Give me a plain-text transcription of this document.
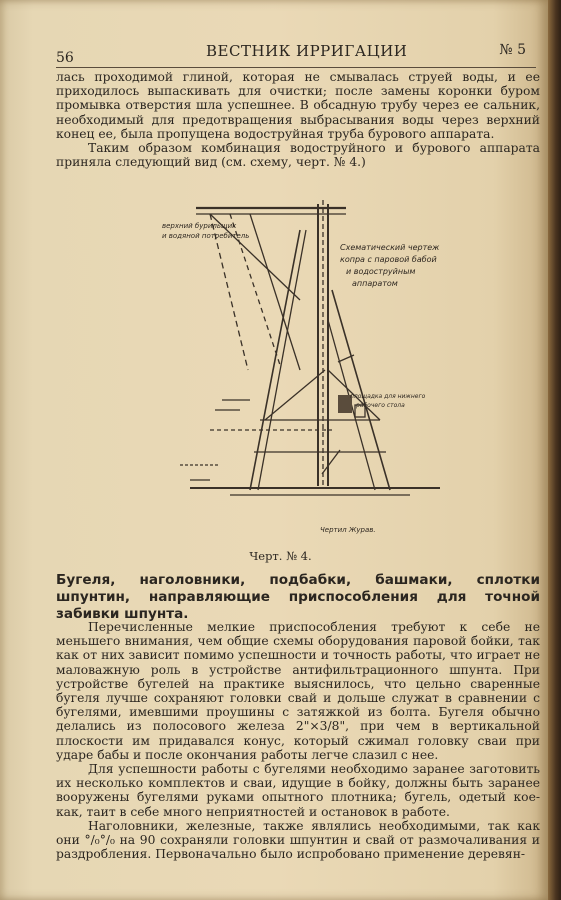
56	ВЕСТНИК ИРРИГАЦИИ	№ 5

лась проходимой глиной, которая не смывалась струей воды, и ее приходилось выпаскивать для очистки; после замены коронки буром промывка отверстия шла успешнее. В обсадную трубу через ее сальник, необходимый для предотвращения выбрасывания воды через верхний конец ее, была пропущена водоструйная труба бурового аппарата.

Таким образом комбинация водоструйного и бурового аппарата приняла следующий вид (см. схему, черт. № 4.)

верхний бурильщик
и водяной потребитель
Схематический чертеж
копра с паровой бабой
и водоструйным
аппаратом
площадка для нижнего
рабочего стола
Чертил Журав.
Черт. № 4.
Бугеля, наголовники, подбабки, башмаки, сплотки шпунтин, направляющие приспособления для точной забивки шпунта.

Перечисленные мелкие приспособления требуют к себе не меньшего внимания, чем общие схемы оборудования паровой бойки, так как от них зависит помимо успешности и точность работы, что играет не маловажную роль в устройстве антифильтрационного шпунта. При устройстве бугелей на практике выяснилось, что цельно сваренные бугеля лучше сохраняют головки свай и дольше служат в сравнении с бугелями, имевшими проушины с затяжкой из болта. Бугеля обычно делались из полосового железа 2"×3/8", при чем в вертикальной плоскости им придавался конус, который сжимал головку сваи при ударе бабы и после окончания работы легче слазил с нее.

Для успешности работы с бугелями необходимо заранее заготовить их несколько комплектов и сваи, идущие в бойку, должны быть заранее вооружены бугелями руками опытного плотника; бугель, одетый кое-как, таит в себе много неприятностей и остановок в работе.

Наголовники, железные, также являлись необходимыми, так как они °/₀°/₀ на 90 сохраняли головки шпунтин и свай от размочаливания и раздробления. Первоначально было испробовано применение деревян-
